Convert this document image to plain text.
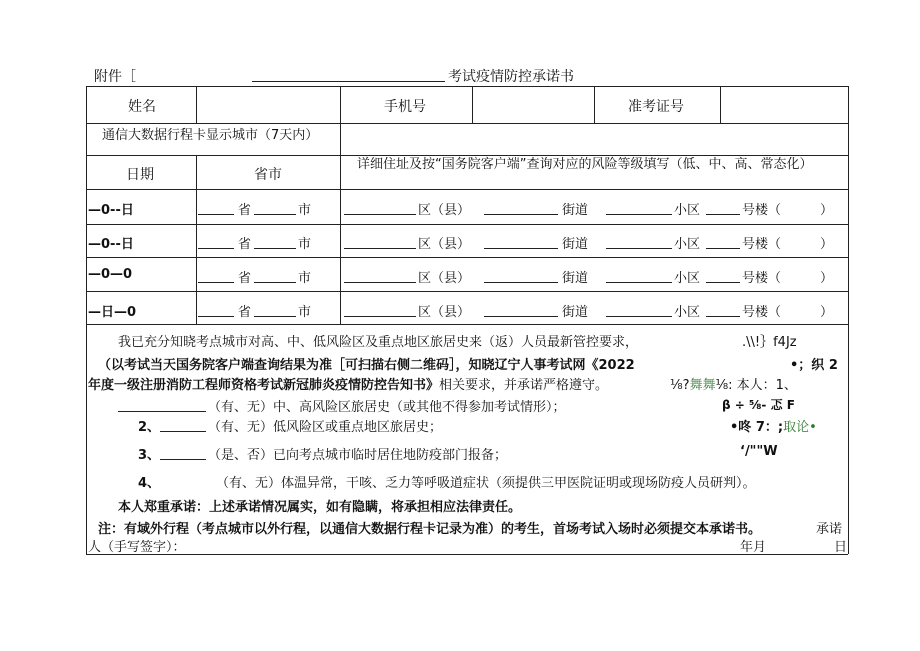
附件［	考试疫情防控承诺书
姓名	手机号	准考证号
通信大数据行程卡显示城市（7天内）
日期	省市
详细住址及按“国务院客户端”查询对应的风险等级填写（低、中、高、常态化）
—0--日	省	市	区（县）	街道	小区	号楼（	）
—0--日	省	市	区（县）	街道	小区	号楼（	）
—0—0	省	市	区（县）	街道	小区	号楼（	）
—日—0	省	市	区（县）	街道	小区	号楼（	）
我已充分知晓考点城市对高、中、低风险区及重点地区旅居史来（返）人员最新管控要求，	.\\!｝f4Jz
（以考试当天国务院客户端查询结果为准［可扫描右侧二维码］，知晓辽宁人事考试网《2022	•；织 2
年度一级注册消防工程师资格考试新冠肺炎疫情防控告知书》相关要求，并承诺严格遵守。	⅛?舞舞⅛: 本人：1、
（有、无）中、高风险区旅居史（或其他不得参加考试情形）；	β ÷ ⅝- 忑 F
2、	（有、无）低风险区或重点地区旅居史；	•咚 7：;取论•
3、	（是、否）已向考点城市临时居住地防疫部门报备；	‘/""W
4、	（有、无）体温异常，干咳、乏力等呼吸道症状（须提供三甲医院证明或现场防疫人员研判）。
本人郑重承诺：上述承诺情况属实，如有隐瞒，将承担相应法律责任。
注：有域外行程（考点城市以外行程，以通信大数据行程卡记录为准）的考生，首场考试入场时必须提交本承诺书。	承诺
人（手写签字）：	年月	日
